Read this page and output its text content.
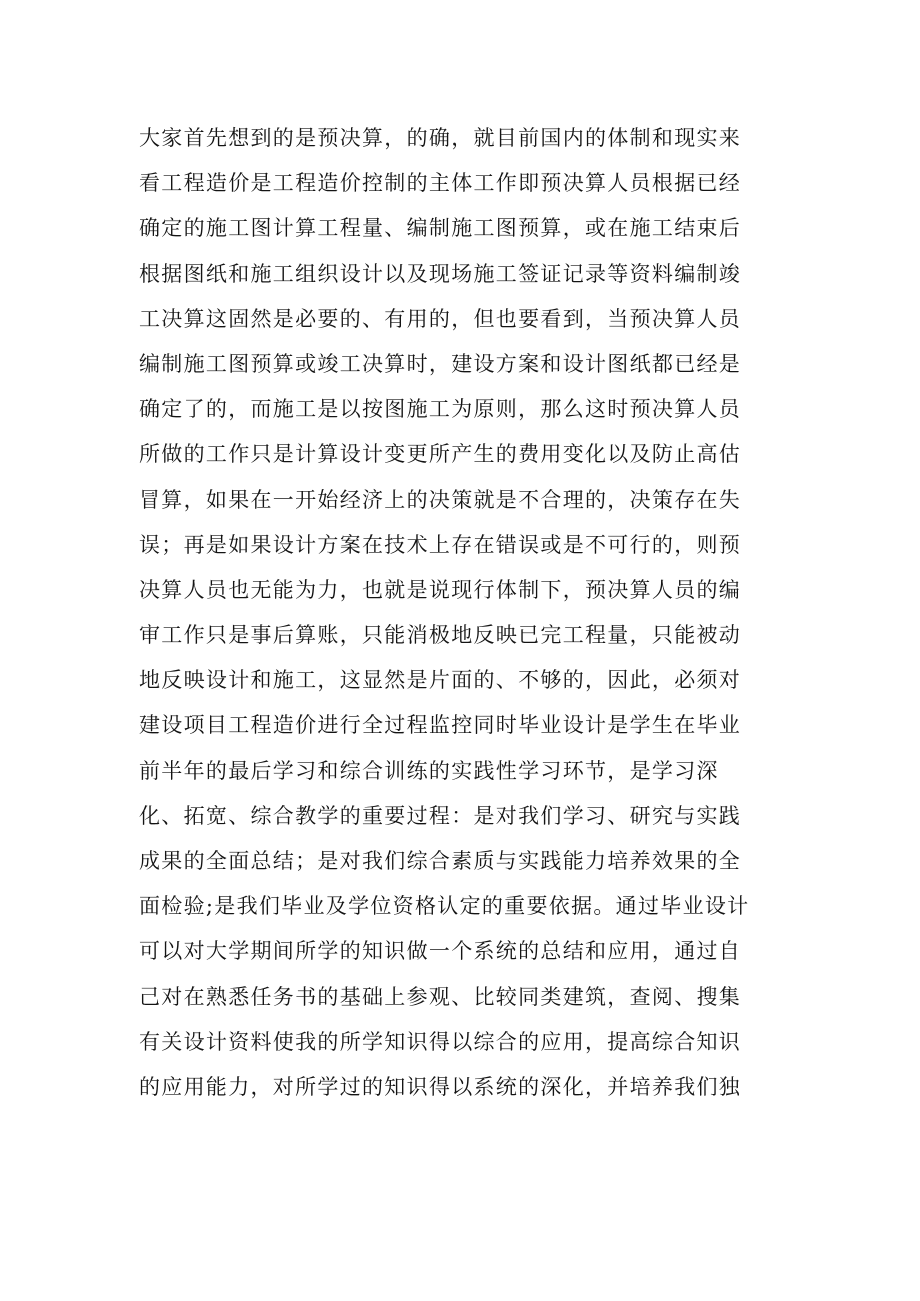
大家首先想到的是预决算，的确，就目前国内的体制和现实来
看工程造价是工程造价控制的主体工作即预决算人员根据已经
确定的施工图计算工程量、编制施工图预算，或在施工结束后
根据图纸和施工组织设计以及现场施工签证记录等资料编制竣
工决算这固然是必要的、有用的，但也要看到，当预决算人员
编制施工图预算或竣工决算时，建设方案和设计图纸都已经是
确定了的，而施工是以按图施工为原则，那么这时预决算人员
所做的工作只是计算设计变更所产生的费用变化以及防止高估
冒算，如果在一开始经济上的决策就是不合理的，决策存在失
误；再是如果设计方案在技术上存在错误或是不可行的，则预
决算人员也无能为力，也就是说现行体制下，预决算人员的编
审工作只是事后算账，只能消极地反映已完工程量，只能被动
地反映设计和施工，这显然是片面的、不够的，因此，必须对
建设项目工程造价进行全过程监控同时毕业设计是学生在毕业
前半年的最后学习和综合训练的实践性学习环节，是学习深
化、拓宽、综合教学的重要过程：是对我们学习、研究与实践
成果的全面总结；是对我们综合素质与实践能力培养效果的全
面检验;是我们毕业及学位资格认定的重要依据。通过毕业设计
可以对大学期间所学的知识做一个系统的总结和应用，通过自
己对在熟悉任务书的基础上参观、比较同类建筑，查阅、搜集
有关设计资料使我的所学知识得以综合的应用，提高综合知识
的应用能力，对所学过的知识得以系统的深化，并培养我们独
